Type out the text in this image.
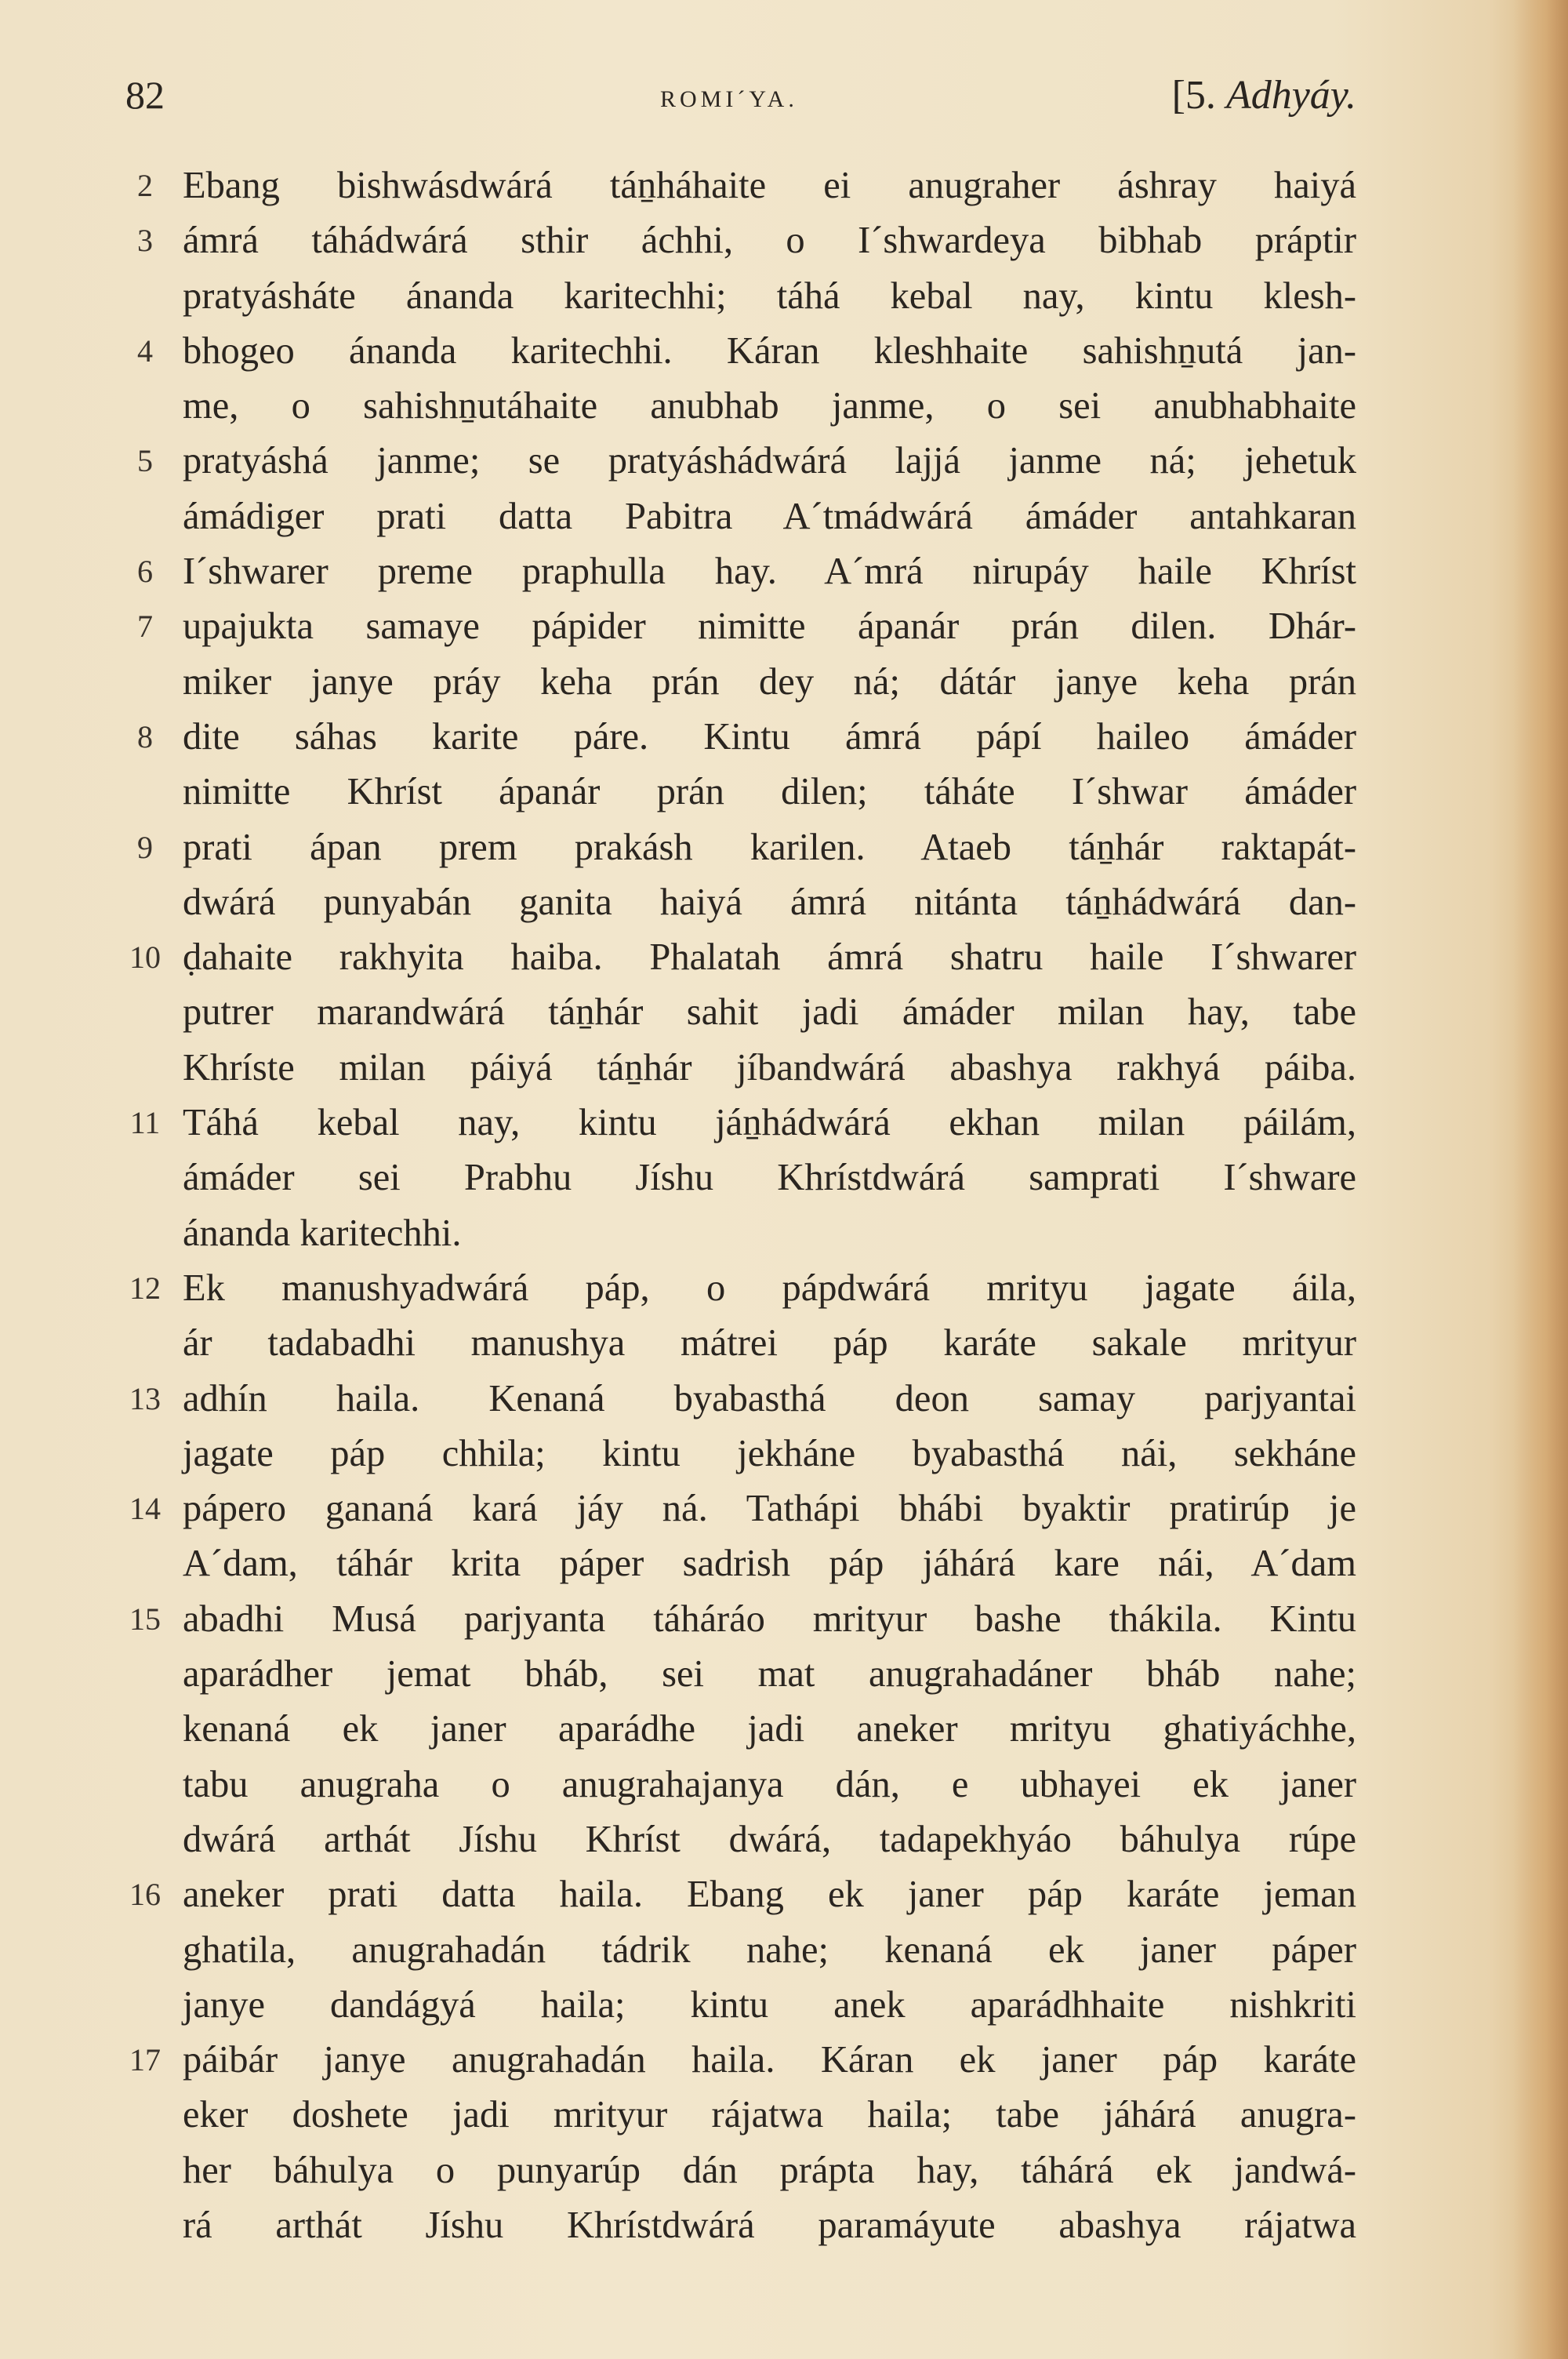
82	ROMI´YA.	[5. Adhyáy.
2 Ebang bishwásdwárá táṉháhaite ei anugraher áshray haiyá
3 ámrá táhádwárá sthir áchhi, o I´shwardeya bibhab práptir
pratyásháte ánanda karitechhi; táhá kebal nay, kintu klesh-
4 bhogeo ánanda karitechhi. Káran kleshhaite sahishṉutá jan-
me, o sahishṉutáhaite anubhab janme, o sei anubhabhaite
5 pratyáshá janme; se pratyáshádwárá lajjá janme ná; jehetuk
ámádiger prati datta Pabitra A´tmádwárá ámáder antahkaran
6 I´shwarer preme praphulla hay. A´mrá nirupáy haile Khríst
7 upajukta samaye pápider nimitte ápanár prán dilen. Dhár-
miker janye práy keha prán dey ná; dátár janye keha prán
8 dite sáhas karite páre. Kintu ámrá pápí haileo ámáder
nimitte Khríst ápanár prán dilen; táháte I´shwar ámáder
9 prati ápan prem prakásh karilen. Ataeb táṉhár raktapát-
dwárá punyabán ganita haiyá ámrá nitánta táṉhádwárá dan-
10 ḍahaite rakhyita haiba. Phalatah ámrá shatru haile I´shwarer
putrer marandwárá táṉhár sahit jadi ámáder milan hay, tabe
Khríste milan páiyá táṉhár jíbandwárá abashya rakhyá páiba.
11 Táhá kebal nay, kintu jáṉhádwárá ekhan milan páilám,
ámáder sei Prabhu Jíshu Khrístdwárá samprati I´shware
ánanda karitechhi.
12 Ek manushyadwárá páp, o pápdwárá mrityu jagate áila,
ár tadabadhi manushya mátrei páp karáte sakale mrityur
13 adhín haila. Kenaná byabasthá deon samay parjyantai
jagate páp chhila; kintu jekháne byabasthá nái, sekháne
14 pápero gananá kará jáy ná. Tathápi bhábi byaktir pratirúp je
A´dam, táhár krita páper sadrish páp jáhárá kare nái, A´dam
15 abadhi Musá parjyanta táháráo mrityur bashe thákila. Kintu
aparádher jemat bháb, sei mat anugrahadáner bháb nahe;
kenaná ek janer aparádhe jadi aneker mrityu ghatiyáchhe,
tabu anugraha o anugrahajanya dán, e ubhayei ek janer
dwárá arthát Jíshu Khríst dwárá, tadapekhyáo báhulya rúpe
16 aneker prati datta haila. Ebang ek janer páp karáte jeman
ghatila, anugrahadán tádrik nahe; kenaná ek janer páper
janye dandágyá haila; kintu anek aparádhhaite nishkriti
17 páibár janye anugrahadán haila. Káran ek janer páp karáte
eker doshete jadi mrityur rájatwa haila; tabe jáhárá anugra-
her báhulya o punyarúp dán prápta hay, táhárá ek jandwá-
rá arthát Jíshu Khrístdwárá paramáyute abashya rájatwa
